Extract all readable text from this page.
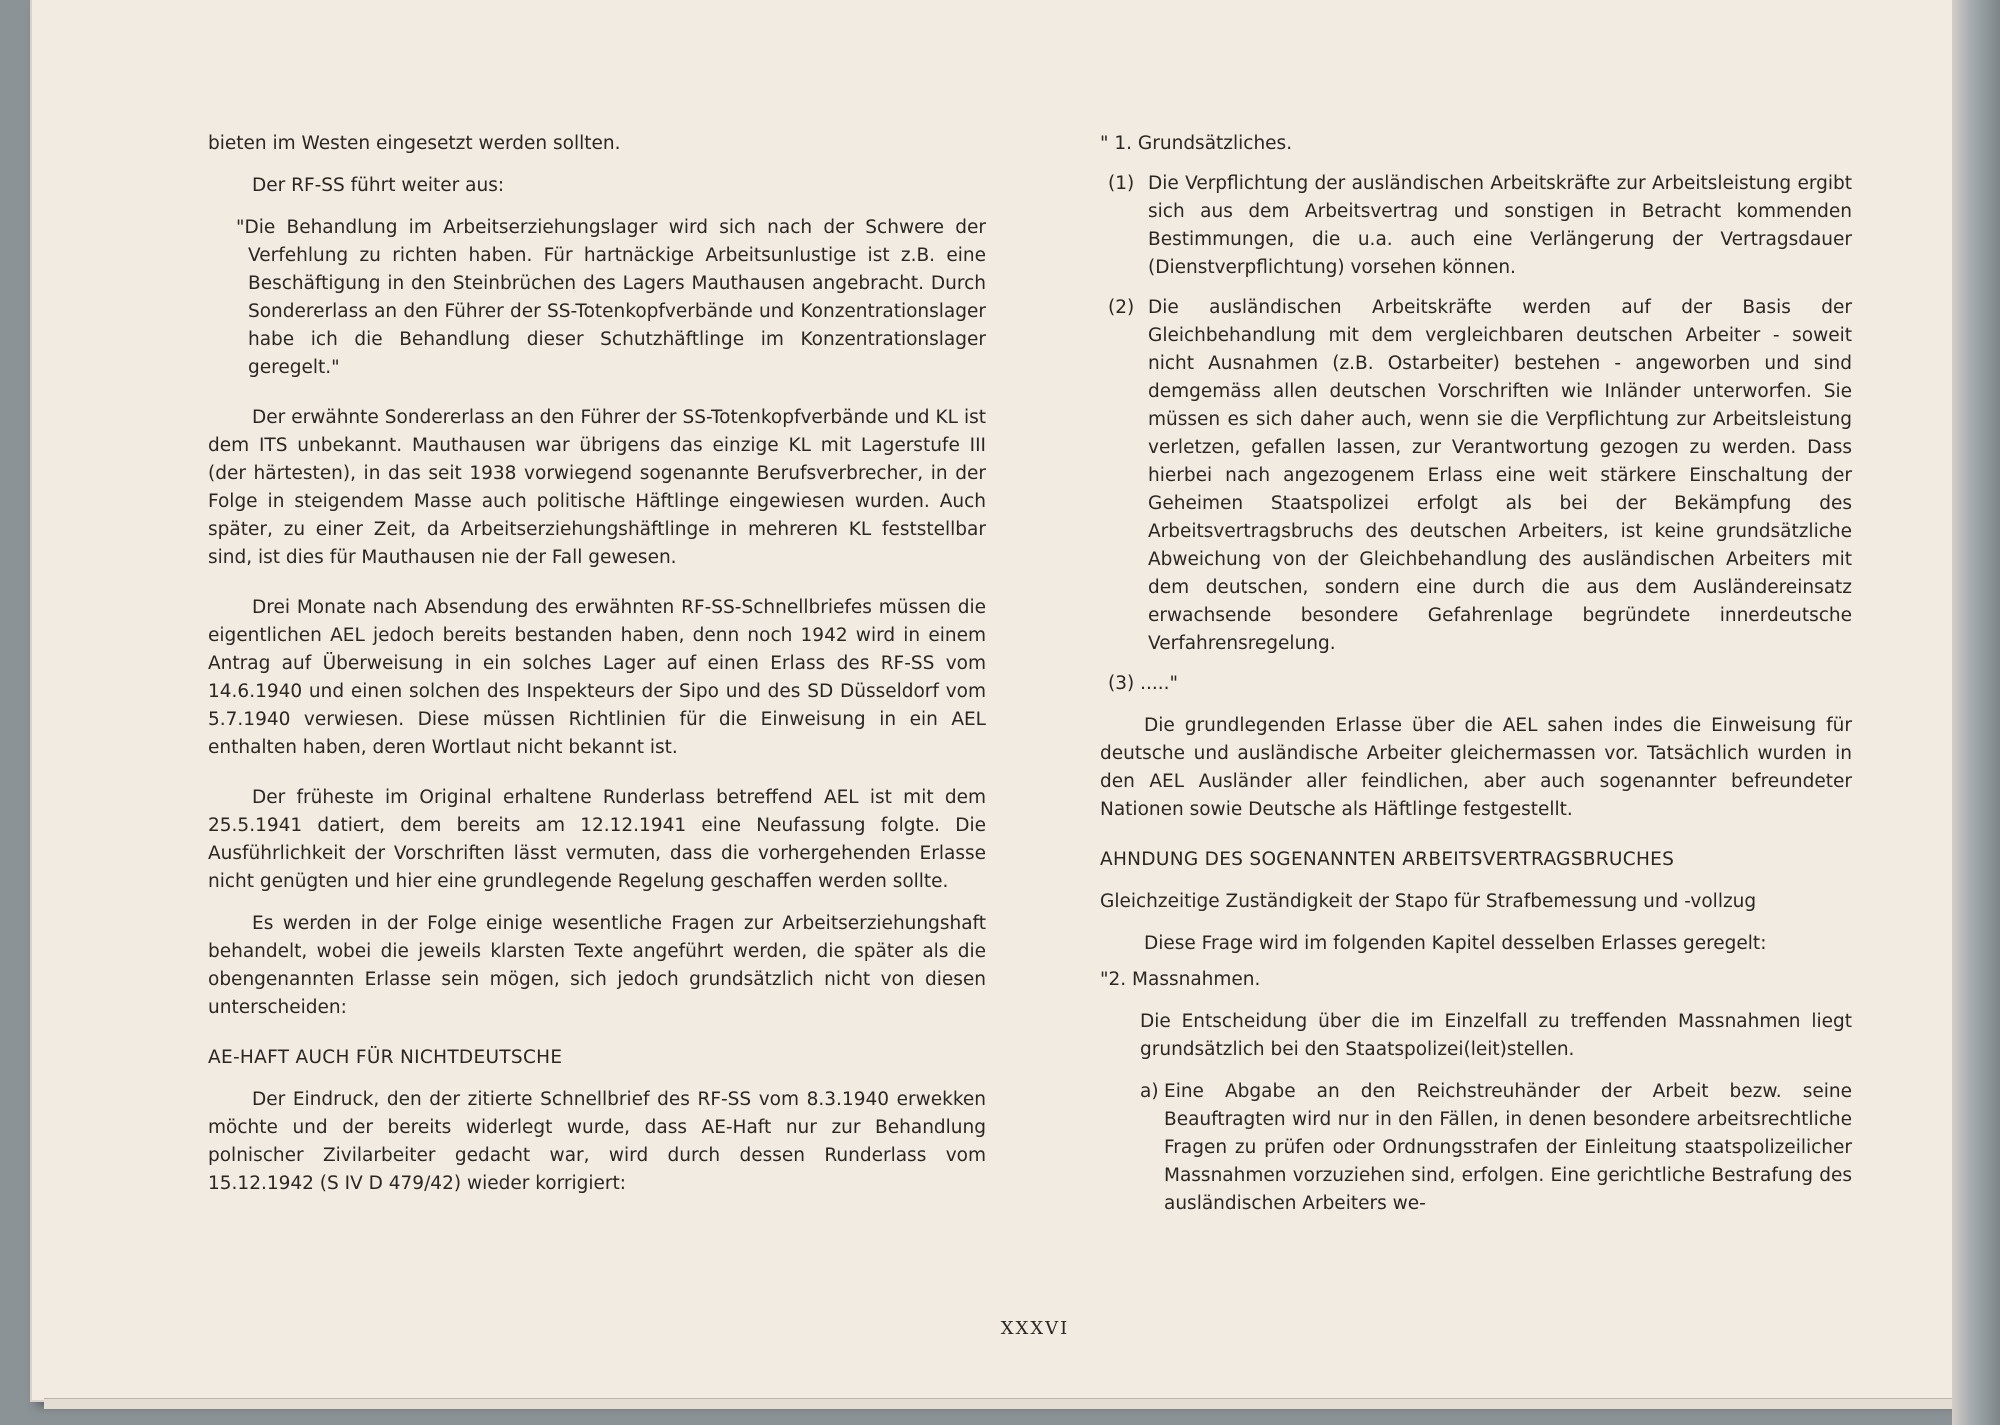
bieten im Westen eingesetzt werden sollten.

Der RF-SS führt weiter aus:

"Die Behandlung im Arbeitserziehungslager wird sich nach der Schwere der Verfehlung zu richten haben. Für hartnäckige Arbeitsunlustige ist z.B. eine Beschäftigung in den Steinbrüchen des Lagers Mauthausen angebracht. Durch Sondererlass an den Führer der SS-Totenkopfverbände und Konzentrationslager habe ich die Behandlung dieser Schutzhäftlinge im Konzentrationslager geregelt."

Der erwähnte Sondererlass an den Führer der SS-Totenkopfverbände und KL ist dem ITS unbekannt. Mauthausen war übrigens das einzige KL mit Lagerstufe III (der härtesten), in das seit 1938 vorwiegend sogenannte Berufsverbrecher, in der Folge in steigendem Masse auch politische Häftlinge eingewiesen wurden. Auch später, zu einer Zeit, da Arbeitserziehungshäftlinge in mehreren KL feststellbar sind, ist dies für Mauthausen nie der Fall gewesen.

Drei Monate nach Absendung des erwähnten RF-SS-Schnellbriefes müssen die eigentlichen AEL jedoch bereits bestanden haben, denn noch 1942 wird in einem Antrag auf Überweisung in ein solches Lager auf einen Erlass des RF-SS vom 14.6.1940 und einen solchen des Inspekteurs der Sipo und des SD Düsseldorf vom 5.7.1940 verwiesen. Diese müssen Richtlinien für die Einweisung in ein AEL enthalten haben, deren Wortlaut nicht bekannt ist.

Der früheste im Original erhaltene Runderlass betreffend AEL ist mit dem 25.5.1941 datiert, dem bereits am 12.12.1941 eine Neufassung folgte. Die Ausführlichkeit der Vorschriften lässt vermuten, dass die vorhergehenden Erlasse nicht genügten und hier eine grundlegende Regelung geschaffen werden sollte.

Es werden in der Folge einige wesentliche Fragen zur Arbeitserziehungshaft behandelt, wobei die jeweils klarsten Texte angeführt werden, die später als die obengenannten Erlasse sein mögen, sich jedoch grundsätzlich nicht von diesen unterscheiden:

AE-HAFT AUCH FÜR NICHTDEUTSCHE

Der Eindruck, den der zitierte Schnellbrief des RF-SS vom 8.3.1940 erwekken möchte und der bereits widerlegt wurde, dass AE-Haft nur zur Behandlung polnischer Zivilarbeiter gedacht war, wird durch dessen Runderlass vom 15.12.1942 (S IV D 479/42) wieder korrigiert:

" 1. Grundsätzliches.

(1) Die Verpflichtung der ausländischen Arbeitskräfte zur Arbeitsleistung ergibt sich aus dem Arbeitsvertrag und sonstigen in Betracht kommenden Bestimmungen, die u.a. auch eine Verlängerung der Vertragsdauer (Dienstverpflichtung) vorsehen können.
(2) Die ausländischen Arbeitskräfte werden auf der Basis der Gleichbehandlung mit dem vergleichbaren deutschen Arbeiter - soweit nicht Ausnahmen (z.B. Ostarbeiter) bestehen - angeworben und sind demgemäss allen deutschen Vorschriften wie Inländer unterworfen. Sie müssen es sich daher auch, wenn sie die Verpflichtung zur Arbeitsleistung verletzen, gefallen lassen, zur Verantwortung gezogen zu werden. Dass hierbei nach angezogenem Erlass eine weit stärkere Einschaltung der Geheimen Staatspolizei erfolgt als bei der Bekämpfung des Arbeitsvertragsbruchs des deutschen Arbeiters, ist keine grundsätzliche Abweichung von der Gleichbehandlung des ausländischen Arbeiters mit dem deutschen, sondern eine durch die aus dem Ausländereinsatz erwachsende besondere Gefahrenlage begründete innerdeutsche Verfahrensregelung.

(3) ....."

Die grundlegenden Erlasse über die AEL sahen indes die Einweisung für deutsche und ausländische Arbeiter gleichermassen vor. Tatsächlich wurden in den AEL Ausländer aller feindlichen, aber auch sogenannter befreundeter Nationen sowie Deutsche als Häftlinge festgestellt.

AHNDUNG DES SOGENANNTEN ARBEITSVERTRAGSBRUCHES

Gleichzeitige Zuständigkeit der Stapo für Strafbemessung und -vollzug

Diese Frage wird im folgenden Kapitel desselben Erlasses geregelt:

"2. Massnahmen.

Die Entscheidung über die im Einzelfall zu treffenden Massnahmen liegt grundsätzlich bei den Staatspolizei(leit)stellen.

a) Eine Abgabe an den Reichstreuhänder der Arbeit bezw. seine Beauftragten wird nur in den Fällen, in denen besondere arbeitsrechtliche Fragen zu prüfen oder Ordnungsstrafen der Einleitung staatspolizeilicher Massnahmen vorzuziehen sind, erfolgen. Eine gerichtliche Bestrafung des ausländischen Arbeiters we-
XXXVI
